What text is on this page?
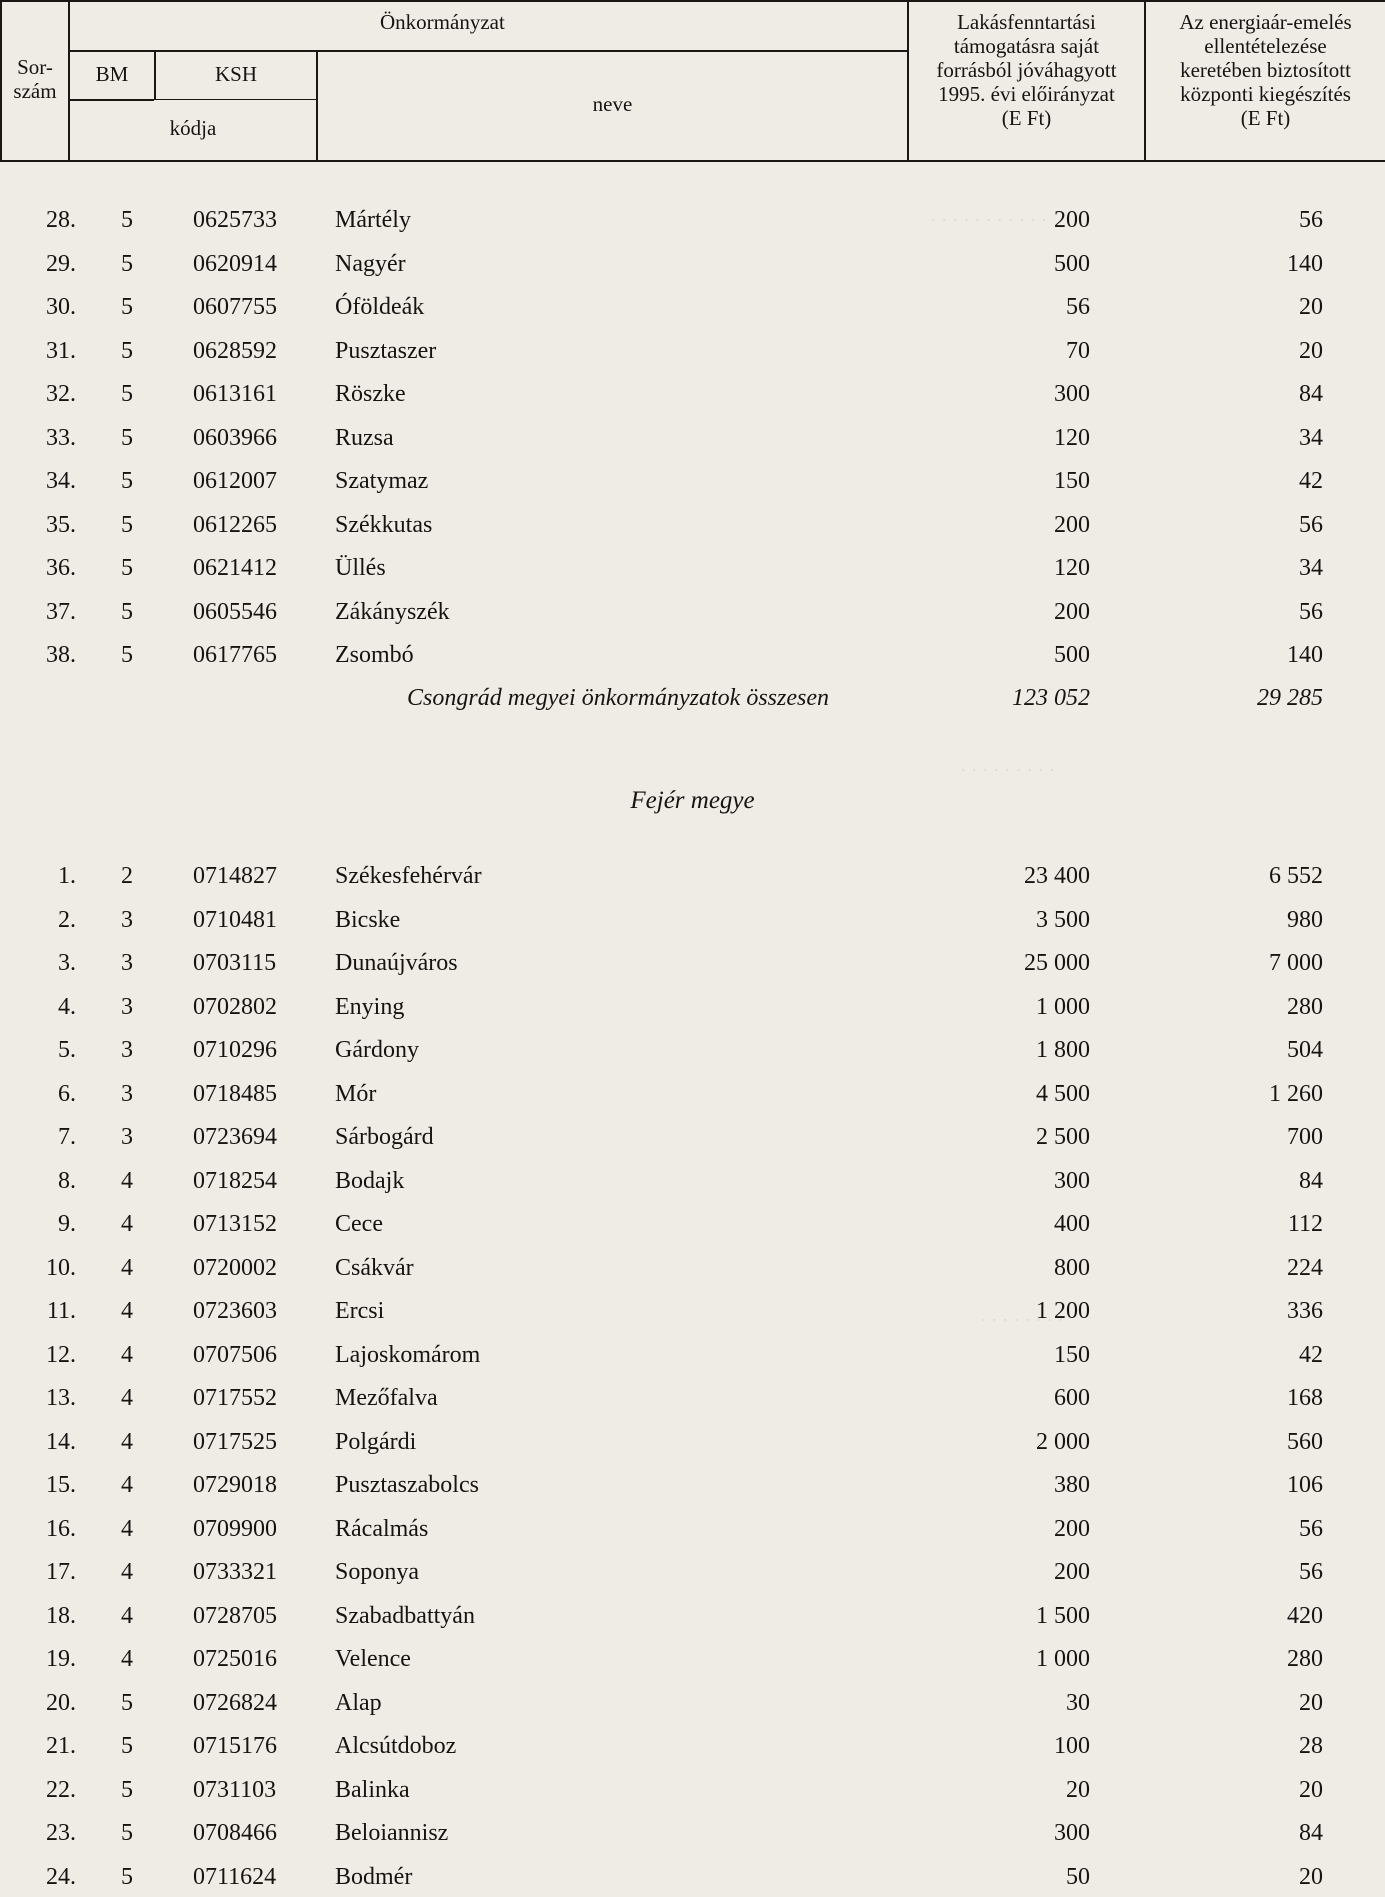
· · · · · · · · · · ·
· · · · · · · · ·
· · · · · · · ·
Sor-
szám
Önkormányzat
BM	KSH
kódja
neve
Lakásfenntartási
támogatásra saját
forrásból jóváhagyott
1995. évi előirányzat
(E Ft)
Az energiaár-emelés
ellentételezése
keretében biztosított
központi kiegészítés
(E Ft)
28.	5	0625733 Mártély	200	56
29.	5	0620914 Nagyér	500	140
30.	5	0607755 Óföldeák	56	20
31.	5	0628592 Pusztaszer	70	20
32.	5	0613161 Röszke	300	84
33.	5	0603966 Ruzsa	120	34
34.	5	0612007 Szatymaz	150	42
35.	5	0612265 Székkutas	200	56
36.	5	0621412 Üllés	120	34
37.	5	0605546 Zákányszék	200	56
38.	5	0617765 Zsombó	500	140
Csongrád megyei önkormányzatok összesen	123 052	29 285
Fejér megye
1.	2	0714827 Székesfehérvár	23 400	6 552
2.	3	0710481 Bicske	3 500	980
3.	3	0703115 Dunaújváros	25 000	7 000
4.	3	0702802 Enying	1 000	280
5.	3	0710296 Gárdony	1 800	504
6.	3	0718485 Mór	4 500	1 260
7.	3	0723694 Sárbogárd	2 500	700
8.	4	0718254 Bodajk	300	84
9.	4	0713152 Cece	400	112
10.	4	0720002 Csákvár	800	224
11.	4	0723603 Ercsi	1 200	336
12.	4	0707506 Lajoskomárom	150	42
13.	4	0717552 Mezőfalva	600	168
14.	4	0717525 Polgárdi	2 000	560
15.	4	0729018 Pusztaszabolcs	380	106
16.	4	0709900 Rácalmás	200	56
17.	4	0733321 Soponya	200	56
18.	4	0728705 Szabadbattyán	1 500	420
19.	4	0725016 Velence	1 000	280
20.	5	0726824 Alap	30	20
21.	5	0715176 Alcsútdoboz	100	28
22.	5	0731103 Balinka	20	20
23.	5	0708466 Beloiannisz	300	84
24.	5	0711624 Bodmér	50	20
